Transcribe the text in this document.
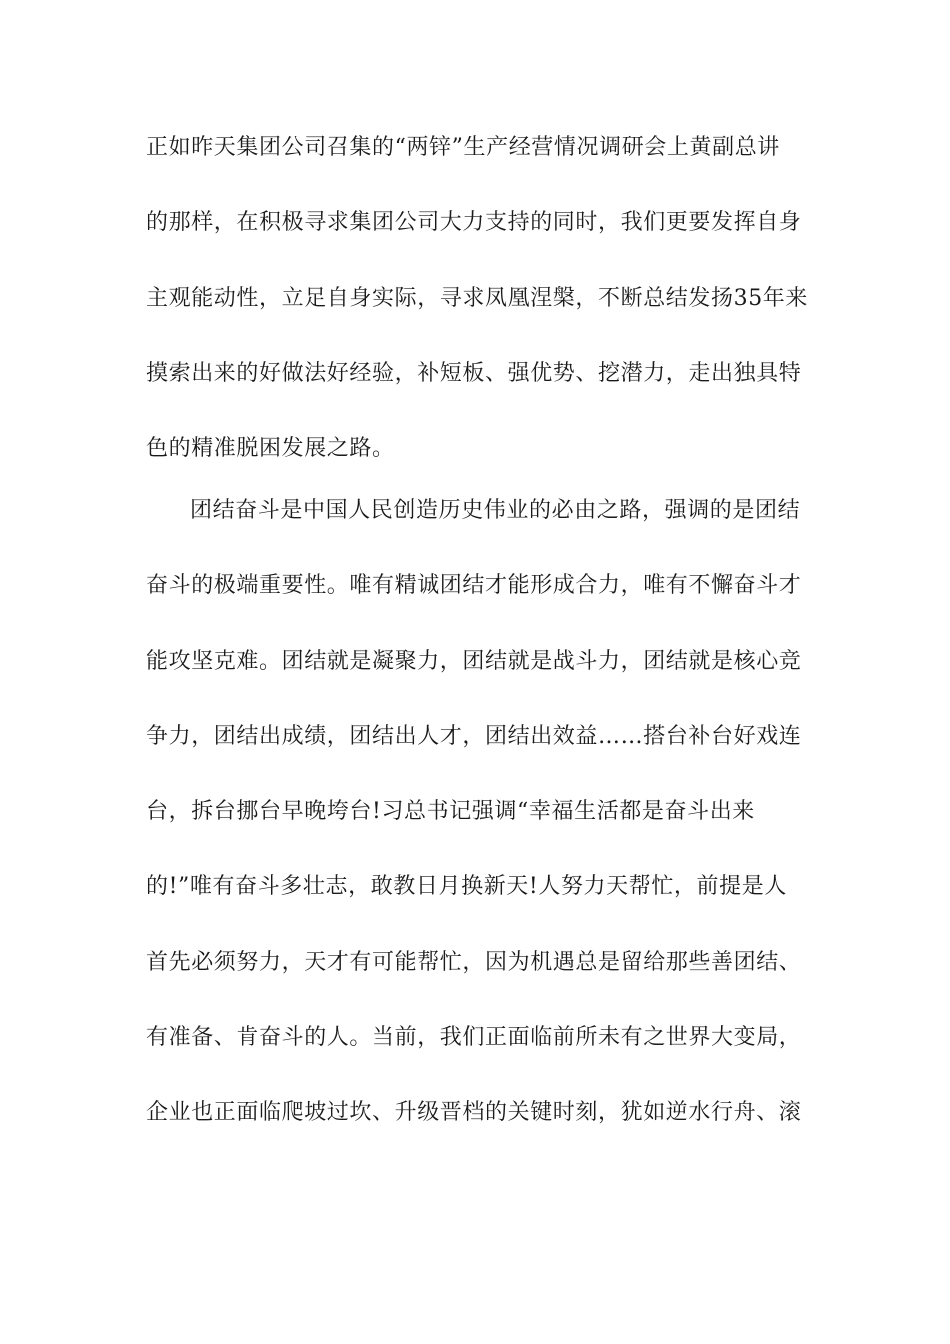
正如昨天集团公司召集的“两锌”生产经营情况调研会上黄副总讲
的那样，在积极寻求集团公司大力支持的同时，我们更要发挥自身
主观能动性，立足自身实际，寻求凤凰涅槃，不断总结发扬35年来
摸索出来的好做法好经验，补短板、强优势、挖潜力，走出独具特
色的精准脱困发展之路。
团结奋斗是中国人民创造历史伟业的必由之路，强调的是团结
奋斗的极端重要性。唯有精诚团结才能形成合力，唯有不懈奋斗才
能攻坚克难。团结就是凝聚力，团结就是战斗力，团结就是核心竞
争力，团结出成绩，团结出人才，团结出效益……搭台补台好戏连
台，拆台挪台早晚垮台!习总书记强调“幸福生活都是奋斗出来
的!”唯有奋斗多壮志，敢教日月换新天!人努力天帮忙，前提是人
首先必须努力，天才有可能帮忙，因为机遇总是留给那些善团结、
有准备、肯奋斗的人。当前，我们正面临前所未有之世界大变局，
企业也正面临爬坡过坎、升级晋档的关键时刻，犹如逆水行舟、滚
